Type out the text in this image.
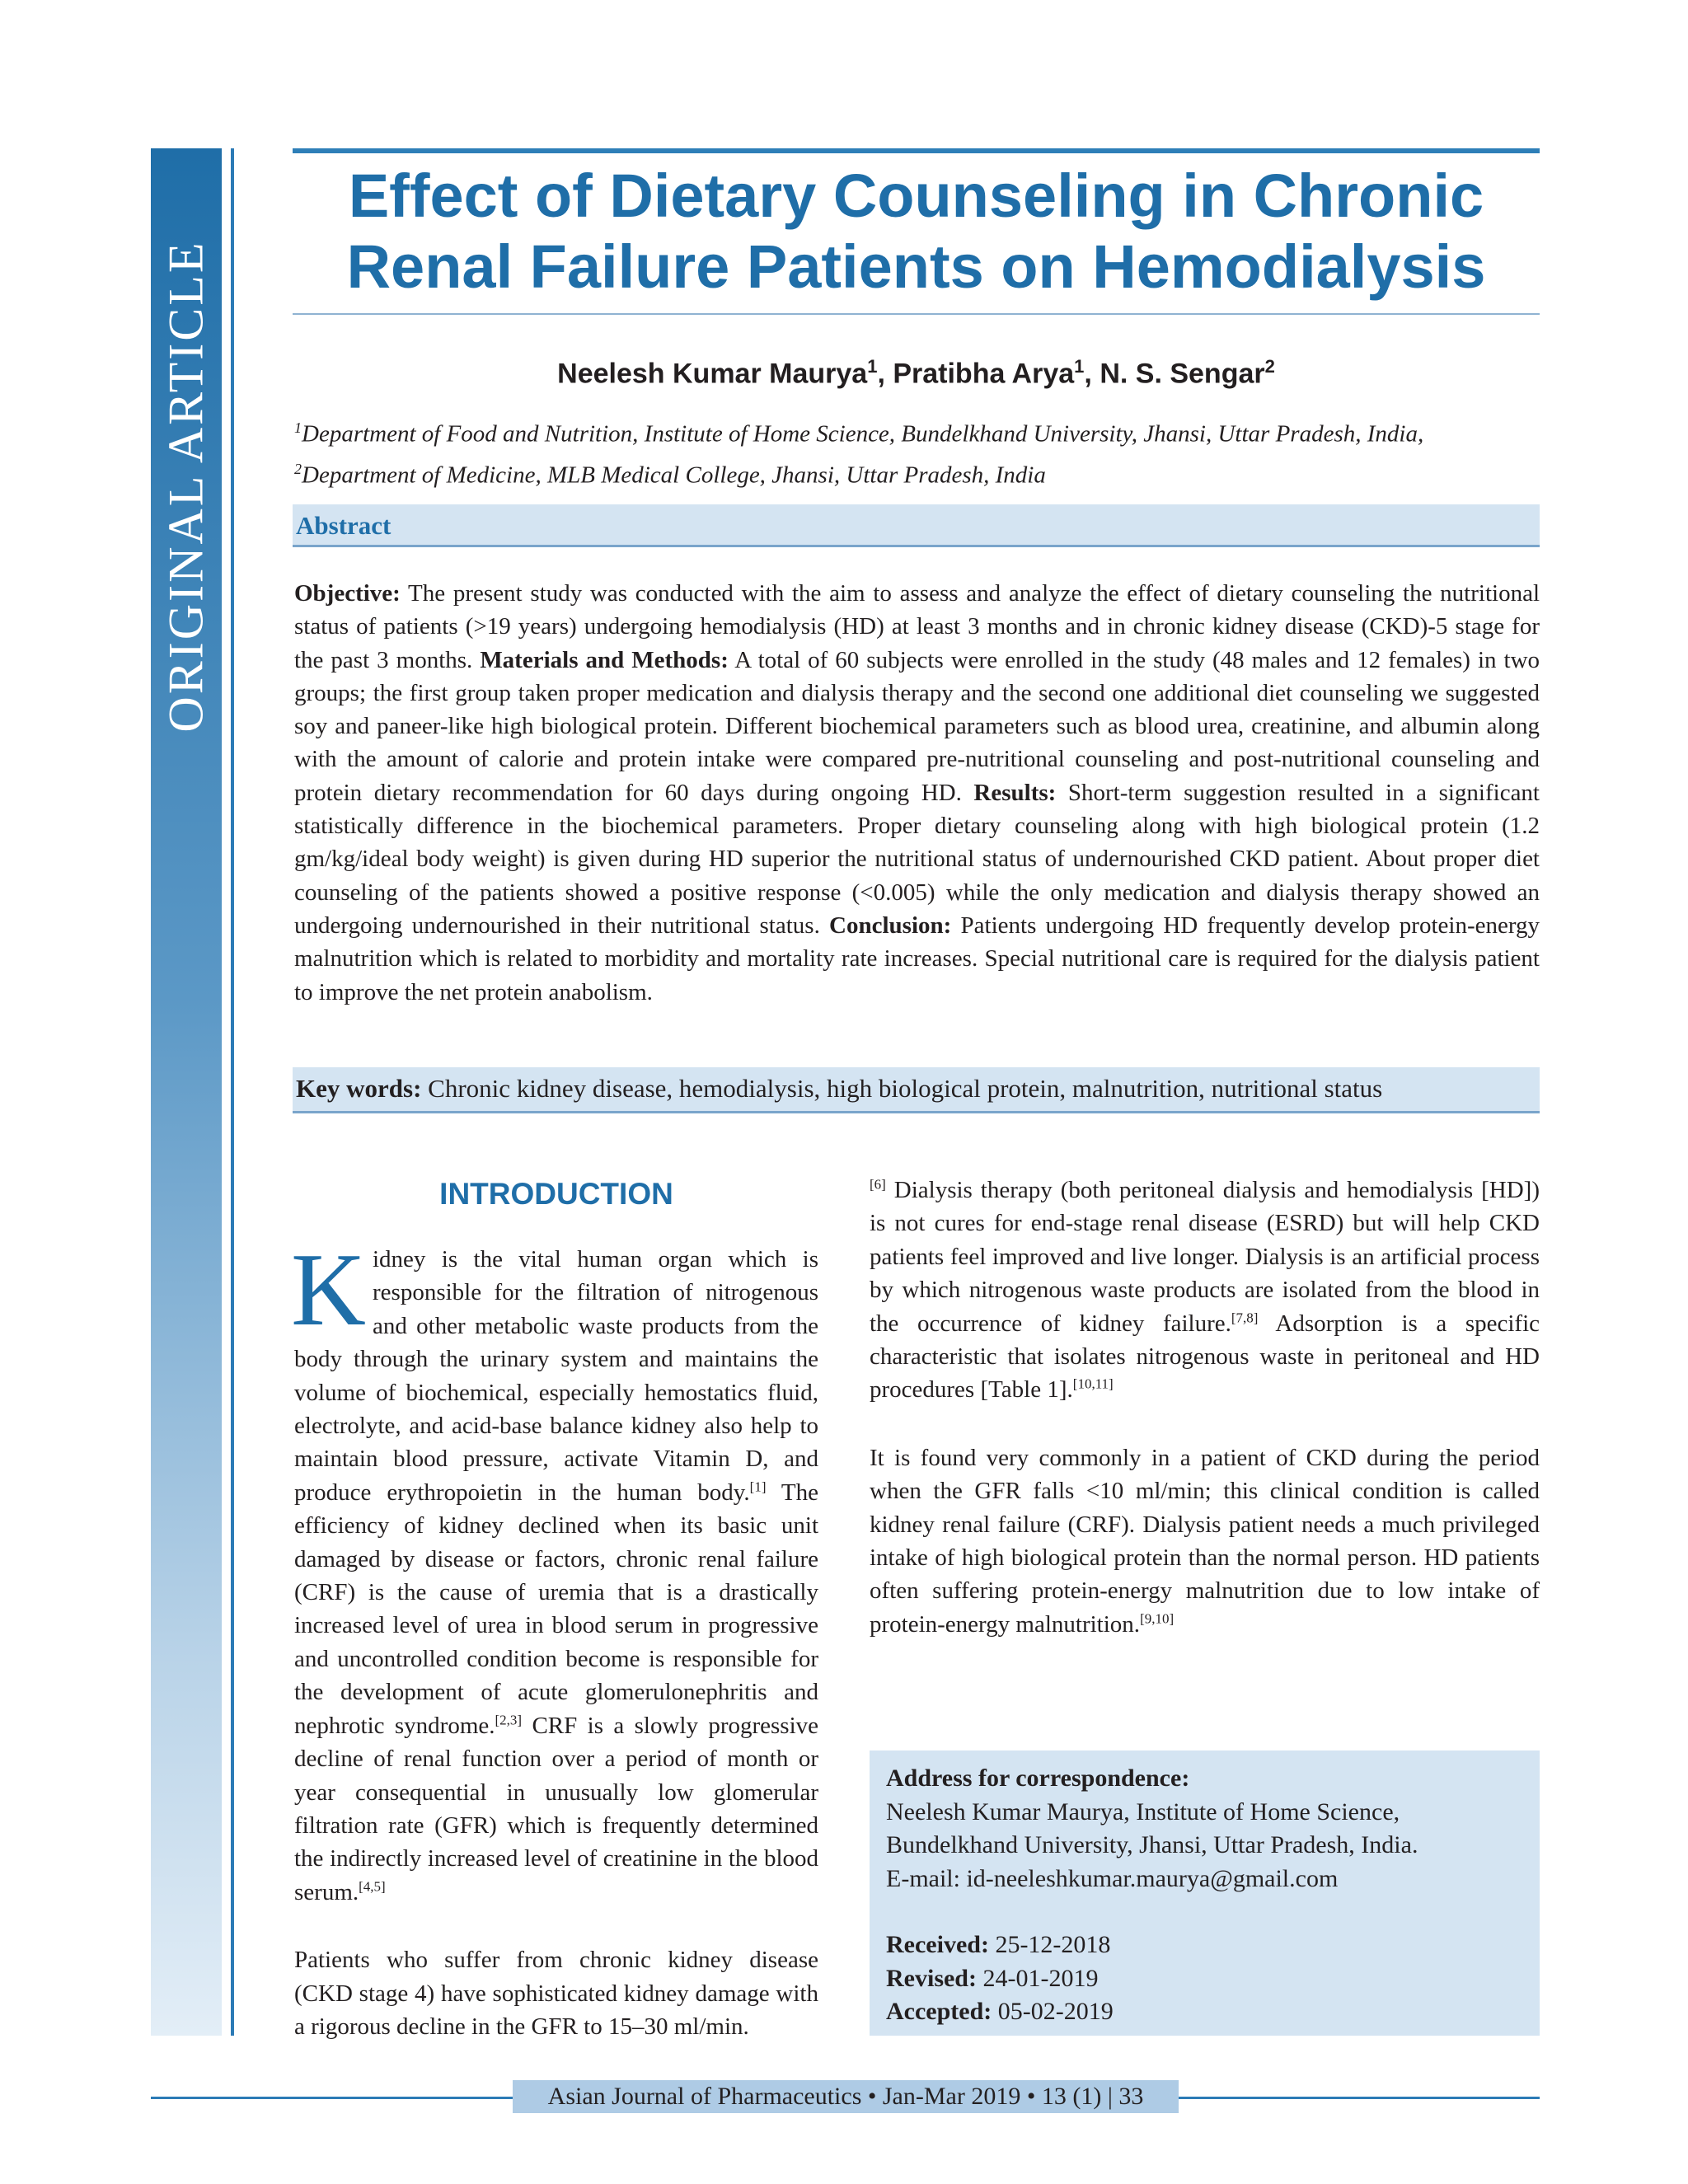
ORIGINAL ARTICLE
Effect of Dietary Counseling in Chronic
Renal Failure Patients on Hemodialysis
Neelesh Kumar Maurya$^1$, Pratibha Arya$^1$, N. S. Sengar$^2$
$^1$Department of Food and Nutrition, Institute of Home Science, Bundelkhand University, Jhansi, Uttar Pradesh, India, $^2$Department of Medicine, MLB Medical College, Jhansi, Uttar Pradesh, India
Abstract

Objective: The present study was conducted with the aim to assess and analyze the effect of dietary counseling the nutritional status of patients (>19 years) undergoing hemodialysis (HD) at least 3 months and in chronic kidney disease (CKD)-5 stage for the past 3 months. Materials and Methods: A total of 60 subjects were enrolled in the study (48 males and 12 females) in two groups; the first group taken proper medication and dialysis therapy and the second one additional diet counseling we suggested soy and paneer-like high biological protein. Different biochemical parameters such as blood urea, creatinine, and albumin along with the amount of calorie and protein intake were compared pre-nutritional counseling and post-nutritional counseling and protein dietary recommendation for 60 days during ongoing HD. Results: Short-term suggestion resulted in a significant statistically difference in the biochemical parameters. Proper dietary counseling along with high biological protein (1.2 gm/kg/ideal body weight) is given during HD superior the nutritional status of undernourished CKD patient. About proper diet counseling of the patients showed a positive response (<0.005) while the only medication and dialysis therapy showed an undergoing undernourished in their nutritional status. Conclusion: Patients undergoing HD frequently develop protein-energy malnutrition which is related to morbidity and mortality rate increases. Special nutritional care is required for the dialysis patient to improve the net protein anabolism.

Key words: Chronic kidney disease, hemodialysis, high biological protein, malnutrition, nutritional status
INTRODUCTION

Kidney is the vital human organ which is responsible for the filtration of nitrogenous and other metabolic waste products from the body through the urinary system and maintains the volume of biochemical, especially hemostatics fluid, electrolyte, and acid-base balance kidney also help to maintain blood pressure, activate Vitamin D, and produce erythropoietin in the human body.[1] The efficiency of kidney declined when its basic unit damaged by disease or factors, chronic renal failure (CRF) is the cause of uremia that is a drastically increased level of urea in blood serum in progressive and uncontrolled condition become is responsible for the development of acute glomerulonephritis and nephrotic syndrome.[2,3] CRF is a slowly progressive decline of renal function over a period of month or year consequential in unusually low glomerular filtration rate (GFR) which is frequently determined the indirectly increased level of creatinine in the blood serum.[4,5]

Patients who suffer from chronic kidney disease (CKD stage 4) have sophisticated kidney damage with a rigorous decline in the GFR to 15–30 ml/min.

[6] Dialysis therapy (both peritoneal dialysis and hemodialysis [HD]) is not cures for end-stage renal disease (ESRD) but will help CKD patients feel improved and live longer. Dialysis is an artificial process by which nitrogenous waste products are isolated from the blood in the occurrence of kidney failure.[7,8] Adsorption is a specific characteristic that isolates nitrogenous waste in peritoneal and HD procedures [Table 1].[10,11]

It is found very commonly in a patient of CKD during the period when the GFR falls <10 ml/min; this clinical condition is called kidney renal failure (CRF). Dialysis patient needs a much privileged intake of high biological protein than the normal person. HD patients often suffering protein-energy malnutrition due to low intake of protein-energy malnutrition.[9,10]

Address for correspondence:

Neelesh Kumar Maurya, Institute of Home Science,

Bundelkhand University, Jhansi, Uttar Pradesh, India.

E-mail: id-neeleshkumar.maurya@gmail.com

Received: 25-12-2018

Revised: 24-01-2019

Accepted: 05-02-2019

Asian Journal of Pharmaceutics • Jan-Mar 2019 • 13 (1) | 33
